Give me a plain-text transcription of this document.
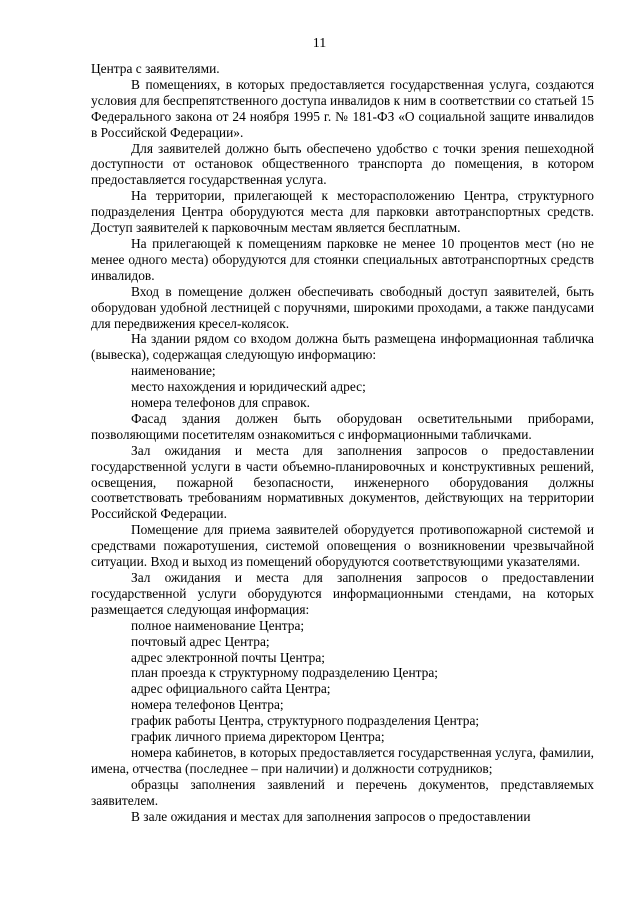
11

Центра с заявителями.

В помещениях, в которых предоставляется государственная услуга, создаются условия для беспрепятственного доступа инвалидов к ним в соответствии со статьей 15 Федерального закона от 24 ноября 1995 г. № 181-ФЗ «О социальной защите инвалидов в Российской Федерации».

Для заявителей должно быть обеспечено удобство с точки зрения пешеходной доступности от остановок общественного транспорта до помещения, в котором предоставляется государственная услуга.

На территории, прилегающей к месторасположению Центра, структурного подразделения Центра оборудуются места для парковки автотранспортных средств. Доступ заявителей к парковочным местам является бесплатным.

На прилегающей к помещениям парковке не менее 10 процентов мест (но не менее одного места) оборудуются для стоянки специальных автотранспортных средств инвалидов.

Вход в помещение должен обеспечивать свободный доступ заявителей, быть оборудован удобной лестницей с поручнями, широкими проходами, а также пандусами для передвижения кресел-колясок.

На здании рядом со входом должна быть размещена информационная табличка (вывеска), содержащая следующую информацию:

наименование;

место нахождения и юридический адрес;

номера телефонов для справок.

Фасад здания должен быть оборудован осветительными приборами, позволяющими посетителям ознакомиться с информационными табличками.

Зал ожидания и места для заполнения запросов о предоставлении государственной услуги в части объемно-планировочных и конструктивных решений, освещения, пожарной безопасности, инженерного оборудования должны соответствовать требованиям нормативных документов, действующих на территории Российской Федерации.

Помещение для приема заявителей оборудуется противопожарной системой и средствами пожаротушения, системой оповещения о возникновении чрезвычайной ситуации. Вход и выход из помещений оборудуются соответствующими указателями.

Зал ожидания и места для заполнения запросов о предоставлении государственной услуги оборудуются информационными стендами, на которых размещается следующая информация:

полное наименование Центра;

почтовый адрес Центра;

адрес электронной почты Центра;

план проезда к структурному подразделению Центра;

адрес официального сайта Центра;

номера телефонов Центра;

график работы Центра, структурного подразделения Центра;

график личного приема директором Центра;

номера кабинетов, в которых предоставляется государственная услуга, фамилии, имена, отчества (последнее – при наличии) и должности сотрудников;

образцы заполнения заявлений и перечень документов, представляемых заявителем.

В зале ожидания и местах для заполнения запросов о предоставлении
